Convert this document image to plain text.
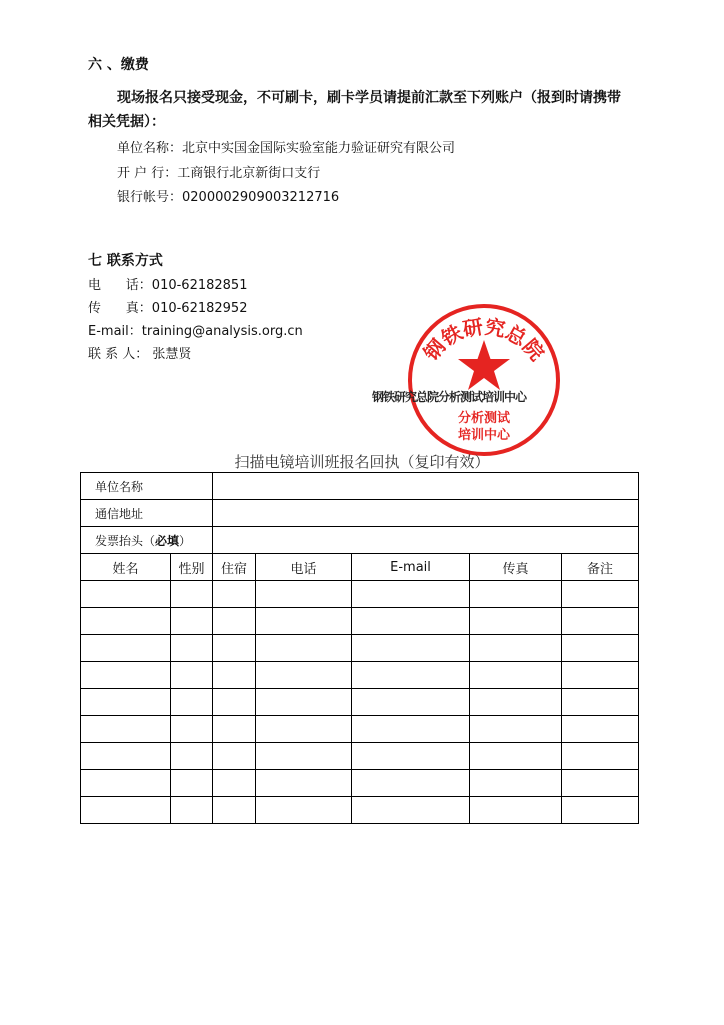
六 、缴费
现场报名只接受现金，不可刷卡，刷卡学员请提前汇款至下列账户（报到时请携带
相关凭据）：
单位名称：北京中实国金国际实验室能力验证研究有限公司
开 户 行：工商银行北京新街口支行
银行帐号：0200002909003212716
七 联系方式
电      话：010-62182851
传      真：010-62182952
E-mail：training@analysis.org.cn
联 系 人： 张慧贤	钢铁研究总院
分析测试
培训中心
钢铁研究总院分析测试培训中心
扫描电镜培训班报名回执（复印有效）
单位名称						
通信地址						
发票抬头（必填）						
姓名	性别	住宿	电话	E-mail	传真	备注
